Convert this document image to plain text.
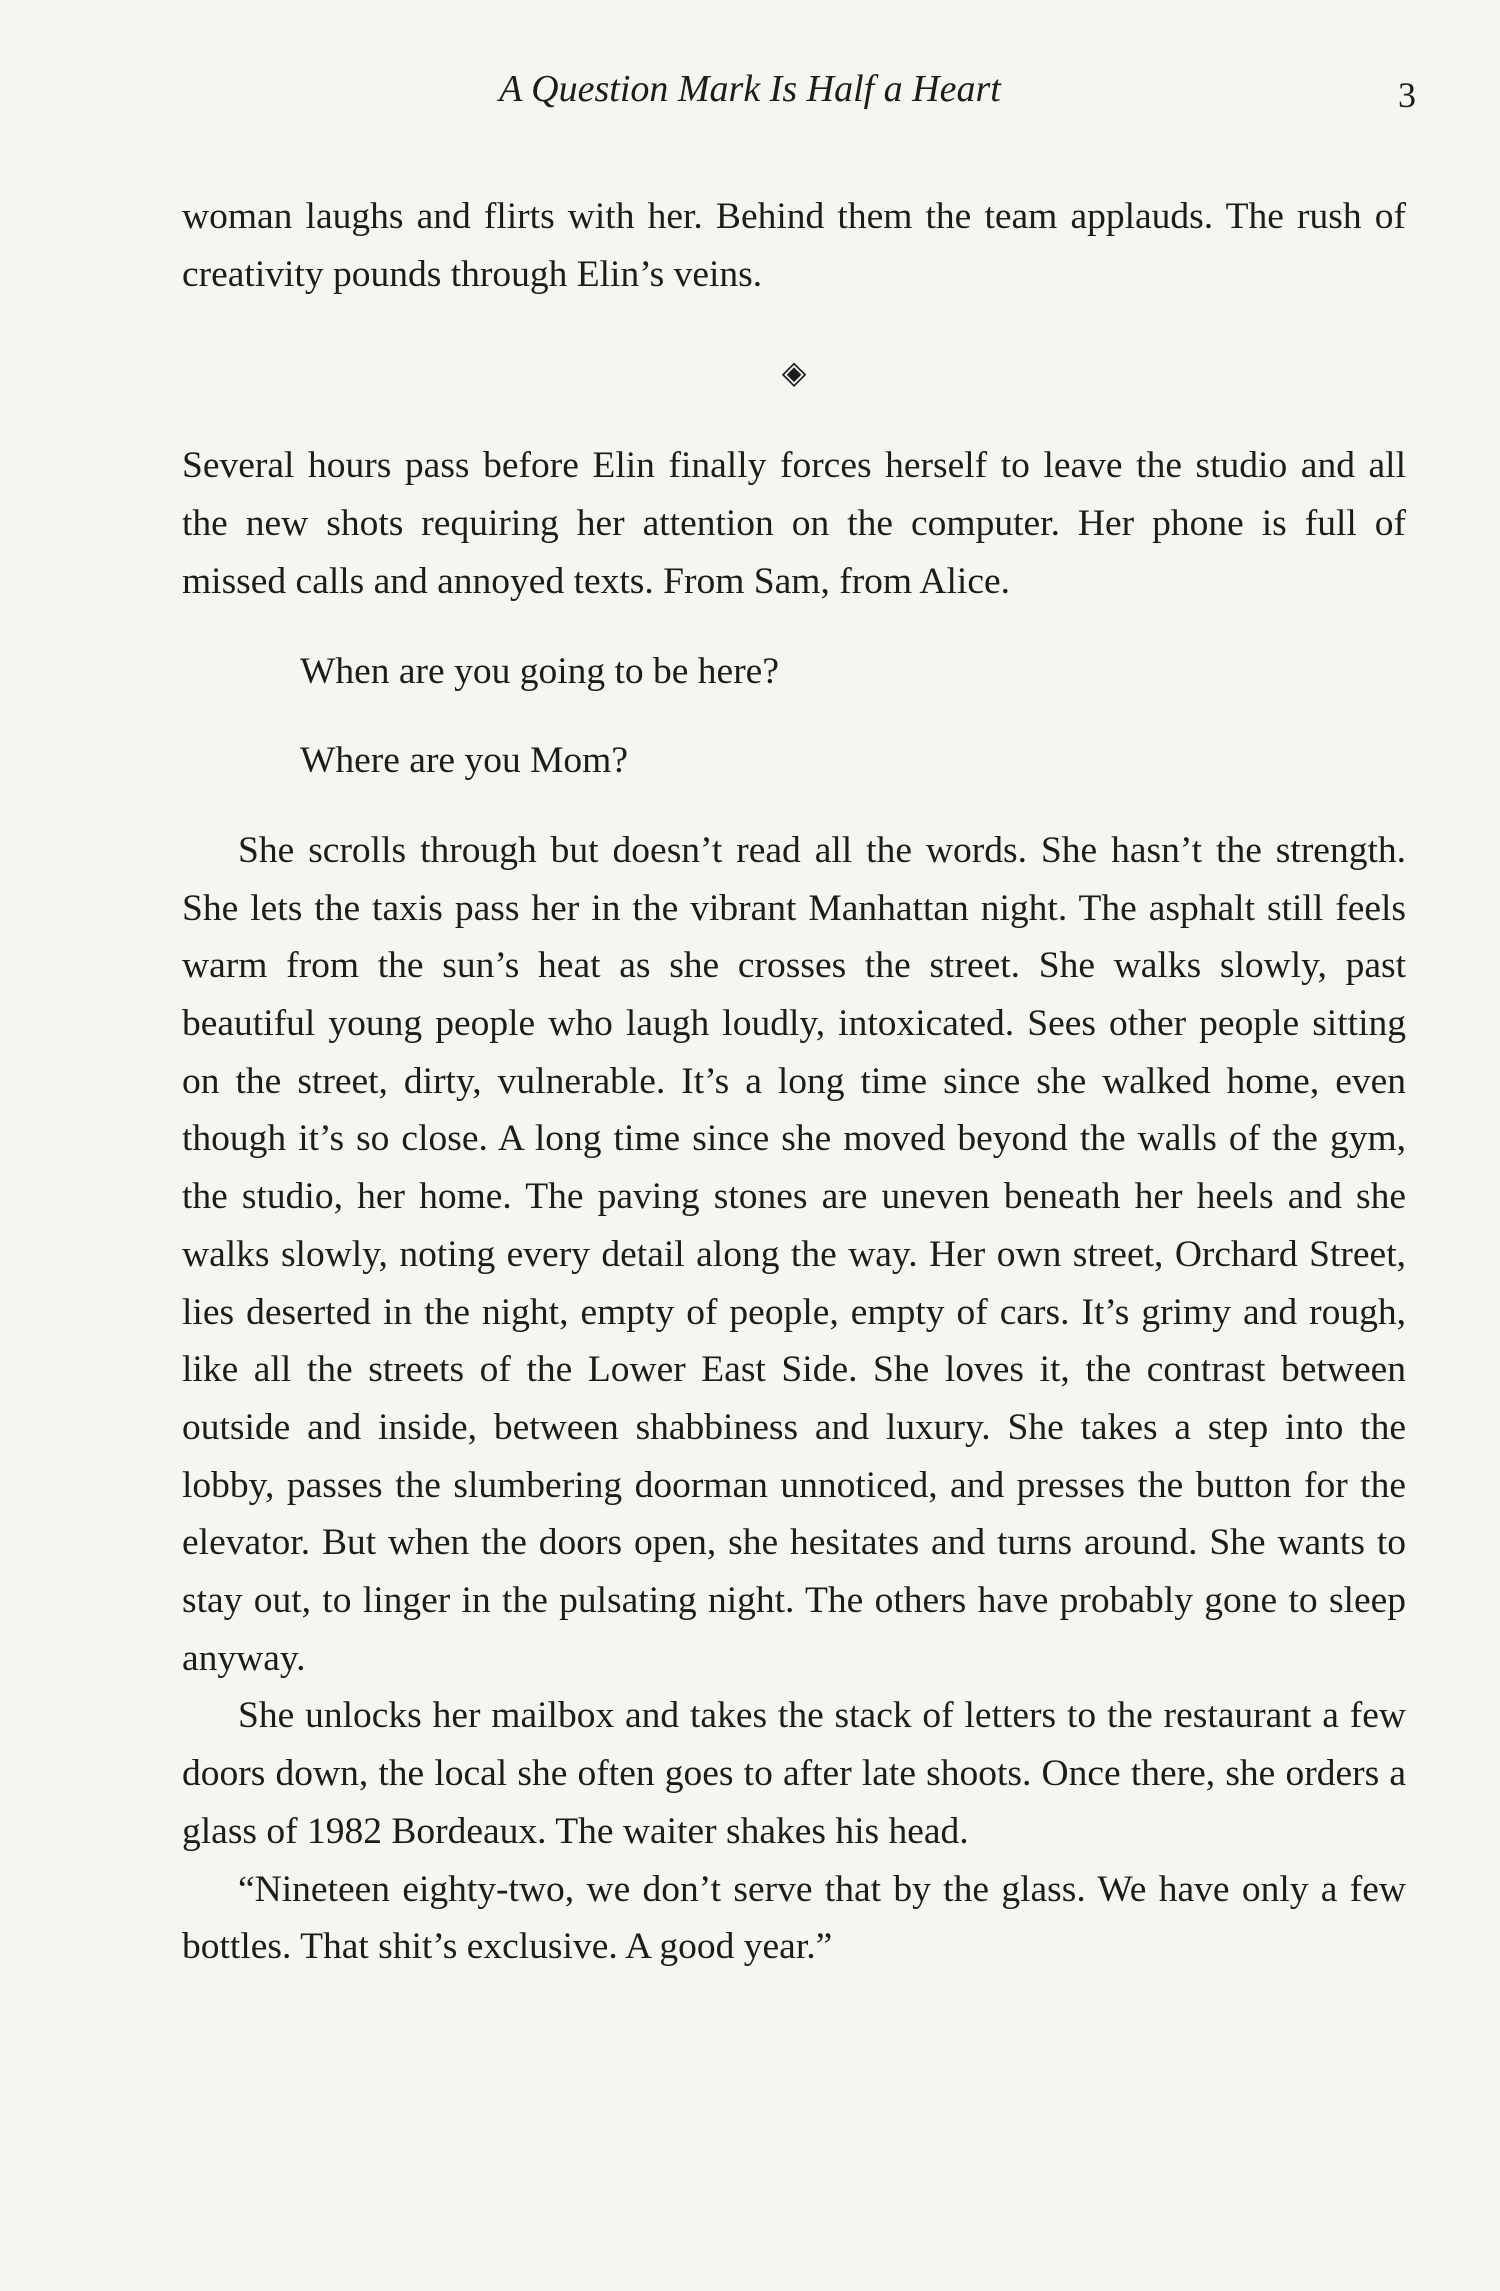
A Question Mark Is Half a Heart	3

woman laughs and flirts with her. Behind them the team applauds. The rush of creativity pounds through Elin’s veins.

◈

Several hours pass before Elin finally forces herself to leave the studio and all the new shots requiring her attention on the computer. Her phone is full of missed calls and annoyed texts. From Sam, from Alice.

When are you going to be here?

Where are you Mom?

She scrolls through but doesn’t read all the words. She hasn’t the strength. She lets the taxis pass her in the vibrant Manhattan night. The asphalt still feels warm from the sun’s heat as she crosses the street. She walks slowly, past beautiful young people who laugh loudly, intoxicated. Sees other people sitting on the street, dirty, vulnerable. It’s a long time since she walked home, even though it’s so close. A long time since she moved beyond the walls of the gym, the studio, her home. The paving stones are uneven beneath her heels and she walks slowly, noting every detail along the way. Her own street, Orchard Street, lies deserted in the night, empty of people, empty of cars. It’s grimy and rough, like all the streets of the Lower East Side. She loves it, the contrast between outside and inside, between shabbiness and luxury. She takes a step into the lobby, passes the slumbering doorman unnoticed, and presses the button for the elevator. But when the doors open, she hesitates and turns around. She wants to stay out, to linger in the pulsating night. The others have probably gone to sleep anyway.

She unlocks her mailbox and takes the stack of letters to the restaurant a few doors down, the local she often goes to after late shoots. Once there, she orders a glass of 1982 Bordeaux. The waiter shakes his head.

“Nineteen eighty-two, we don’t serve that by the glass. We have only a few bottles. That shit’s exclusive. A good year.”
